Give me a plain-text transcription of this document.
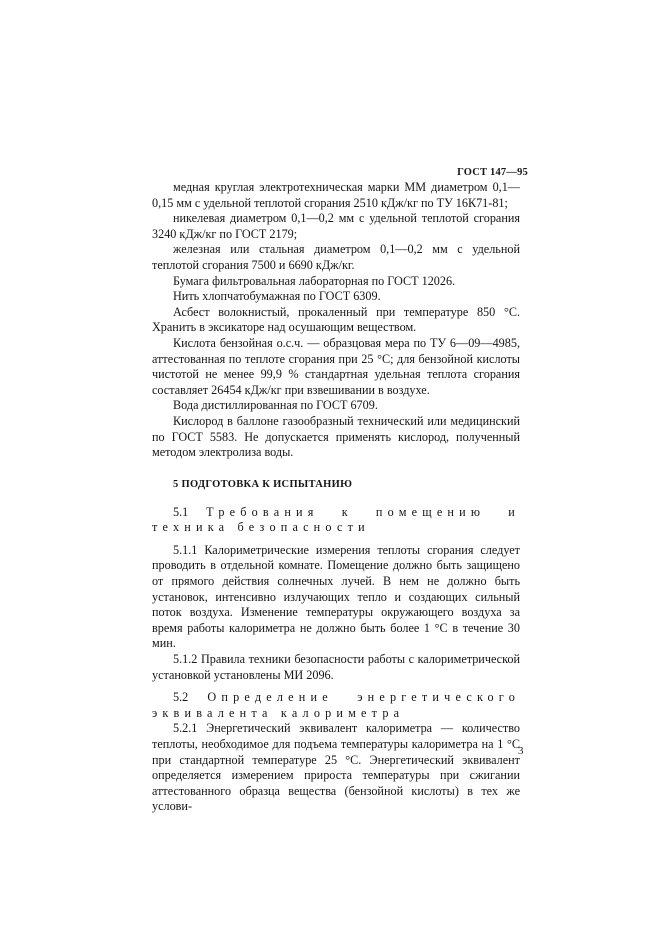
ГОСТ 147—95

медная круглая электротехническая марки ММ диаметром 0,1—0,15 мм с удельной теплотой сгорания 2510 кДж/кг по ТУ 16К71-81;

никелевая диаметром 0,1—0,2 мм с удельной теплотой сгорания 3240 кДж/кг по ГОСТ 2179;

железная или стальная диаметром 0,1—0,2 мм с удельной теплотой сгорания 7500 и 6690 кДж/кг.

Бумага фильтровальная лабораторная по ГОСТ 12026.

Нить хлопчатобумажная по ГОСТ 6309.

Асбест волокнистый, прокаленный при температуре 850 °С. Хранить в эксикаторе над осушающим веществом.

Кислота бензойная о.с.ч. — образцовая мера по ТУ 6—09—4985, аттестованная по теплоте сгорания при 25 °С; для бензойной кислоты чистотой не менее 99,9 % стандартная удельная теплота сгорания составляет 26454 кДж/кг при взвешивании в воздухе.

Вода дистиллированная по ГОСТ 6709.

Кислород в баллоне газообразный технический или медицинский по ГОСТ 5583. Не допускается применять кислород, полученный методом электролиза воды.

5 ПОДГОТОВКА К ИСПЫТАНИЮ

5.1 Требования к помещению и техника безопасности

5.1.1 Калориметрические измерения теплоты сгорания следует проводить в отдельной комнате. Помещение должно быть защищено от прямого действия солнечных лучей. В нем не должно быть установок, интенсивно излучающих тепло и создающих сильный поток воздуха. Изменение температуры окружающего воздуха за время работы калориметра не должно быть более 1 °С в течение 30 мин.

5.1.2 Правила техники безопасности работы с калориметрической установкой установлены МИ 2096.

5.2 Определение энергетического эквивалента калориметра

5.2.1 Энергетический эквивалент калориметра — количество теплоты, необходимое для подъема температуры калориметра на 1 °С при стандартной температуре 25 °С. Энергетический эквивалент определяется измерением прироста температуры при сжигании аттестованного образца вещества (бензойной кислоты) в тех же услови-

3
